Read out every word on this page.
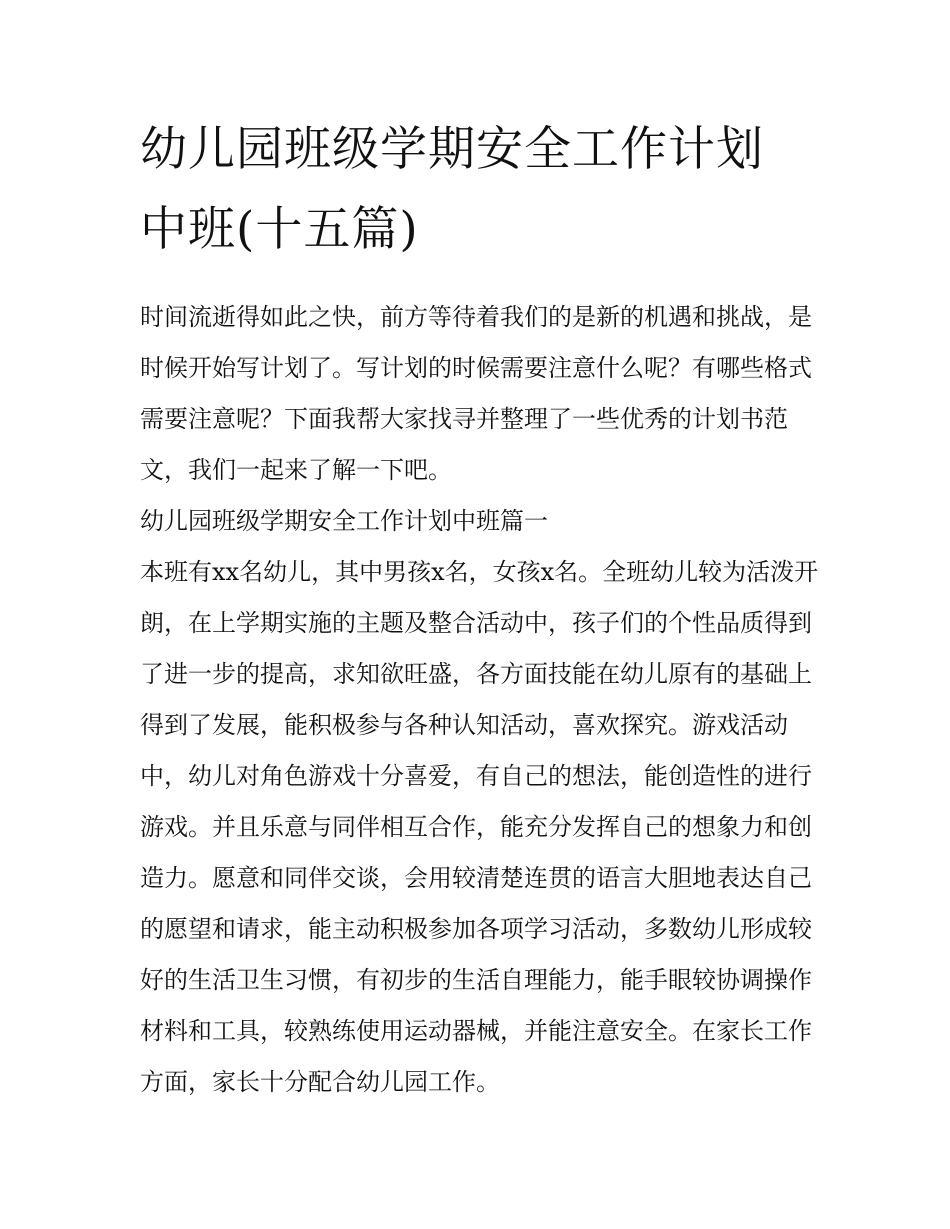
幼儿园班级学期安全工作计划
中班(十五篇)

时间流逝得如此之快，前方等待着我们的是新的机遇和挑战，是时候开始写计划了。写计划的时候需要注意什么呢？有哪些格式需要注意呢？下面我帮大家找寻并整理了一些优秀的计划书范文，我们一起来了解一下吧。

幼儿园班级学期安全工作计划中班篇一

本班有xx名幼儿，其中男孩x名，女孩x名。全班幼儿较为活泼开朗，在上学期实施的主题及整合活动中，孩子们的个性品质得到了进一步的提高，求知欲旺盛，各方面技能在幼儿原有的基础上得到了发展，能积极参与各种认知活动，喜欢探究。游戏活动中，幼儿对角色游戏十分喜爱，有自己的想法，能创造性的进行游戏。并且乐意与同伴相互合作，能充分发挥自己的想象力和创造力。愿意和同伴交谈，会用较清楚连贯的语言大胆地表达自己的愿望和请求，能主动积极参加各项学习活动，多数幼儿形成较好的生活卫生习惯，有初步的生活自理能力，能手眼较协调操作材料和工具，较熟练使用运动器械，并能注意安全。在家长工作方面，家长十分配合幼儿园工作。
